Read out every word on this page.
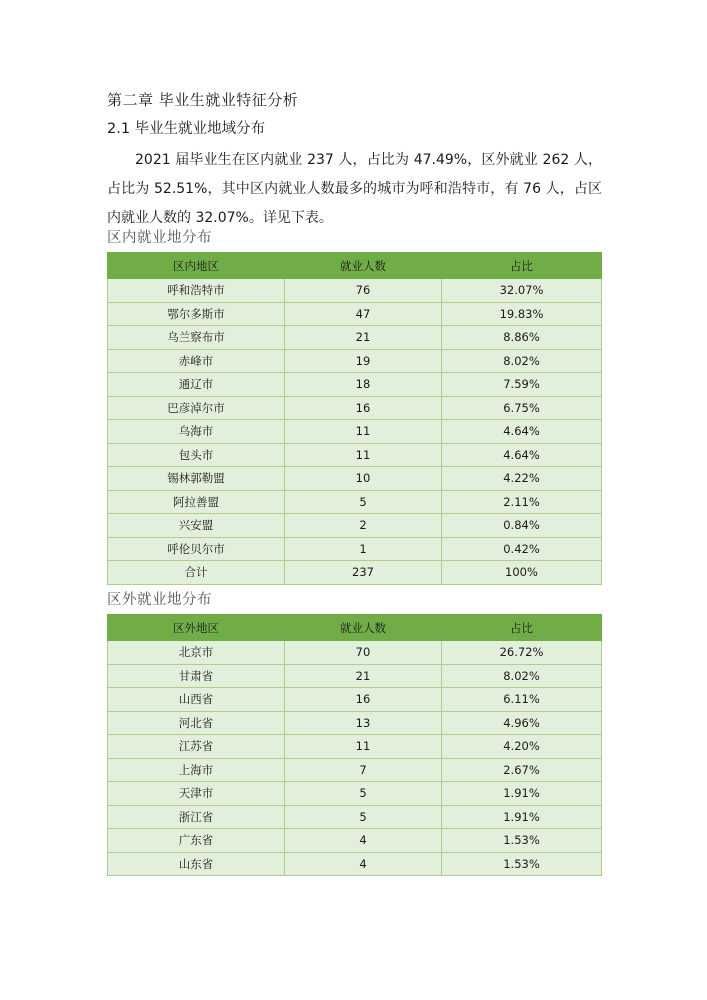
第二章 毕业生就业特征分析
2.1 毕业生就业地域分布
2021 届毕业生在区内就业 237 人，占比为 47.49%，区外就业 262 人，占比为 52.51%，其中区内就业人数最多的城市为呼和浩特市，有 76 人，占区内就业人数的 32.07%。详见下表。
区内就业地分布
区内地区	就业人数	占比
呼和浩特市	76	32.07%
鄂尔多斯市	47	19.83%
乌兰察布市	21	8.86%
赤峰市	19	8.02%
通辽市	18	7.59%
巴彦淖尔市	16	6.75%
乌海市	11	4.64%
包头市	11	4.64%
锡林郭勒盟	10	4.22%
阿拉善盟	5	2.11%
兴安盟	2	0.84%
呼伦贝尔市	1	0.42%
合计	237	100%
区外就业地分布
区外地区	就业人数	占比
北京市	70	26.72%
甘肃省	21	8.02%
山西省	16	6.11%
河北省	13	4.96%
江苏省	11	4.20%
上海市	7	2.67%
天津市	5	1.91%
浙江省	5	1.91%
广东省	4	1.53%
山东省	4	1.53%
